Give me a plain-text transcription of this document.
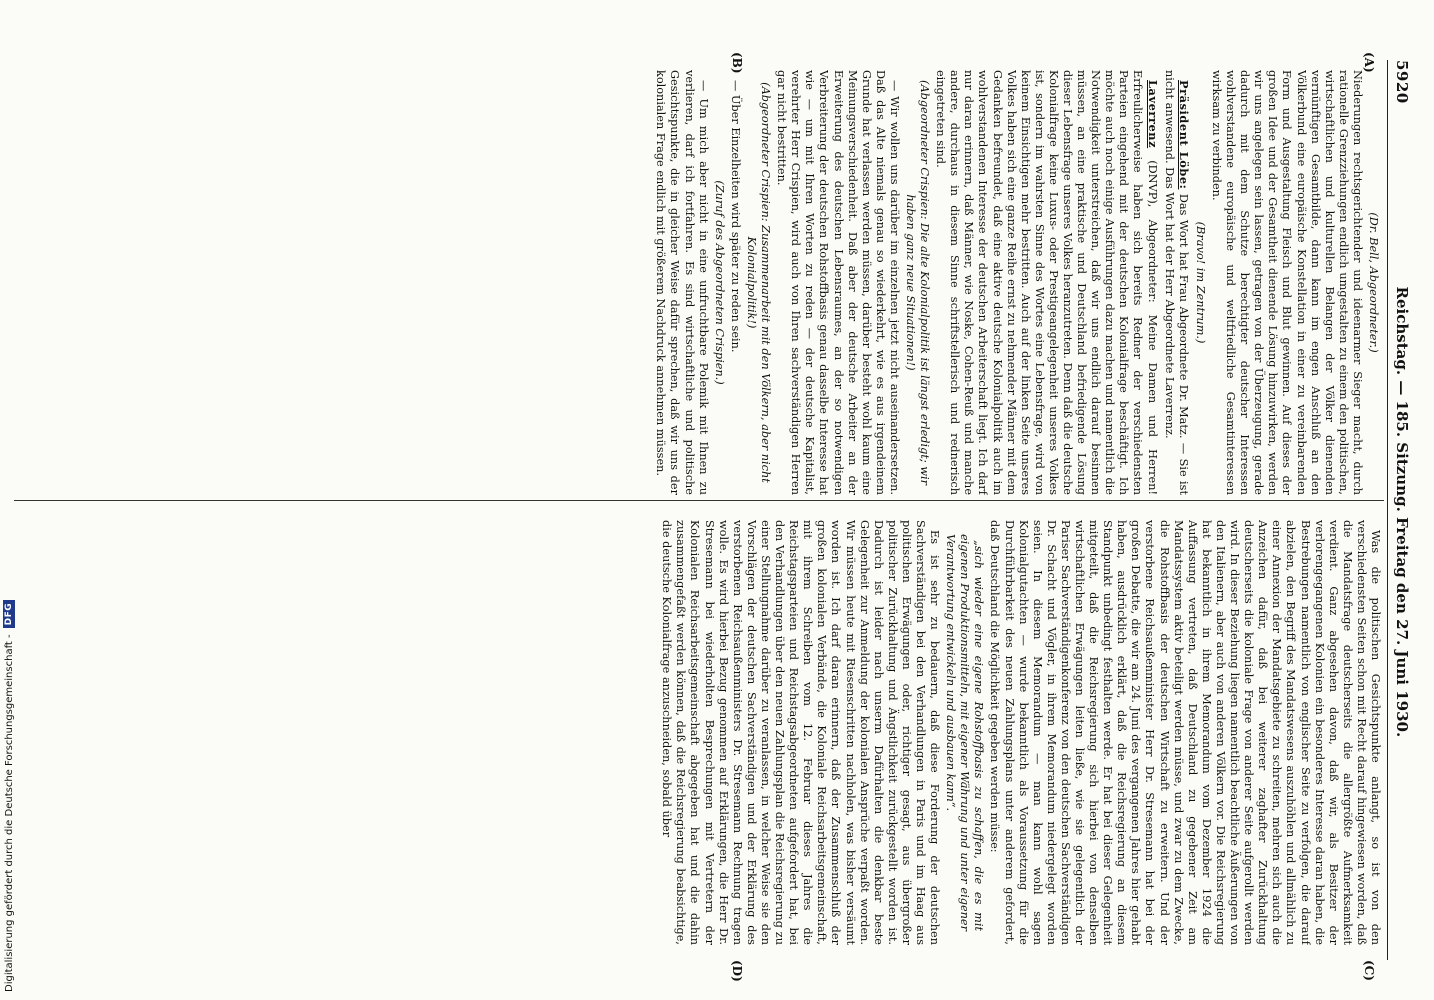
5920
Reichstag. — 185. Sitzung. Freitag den 27. Juni 1930.
(A)
(B)
(C)
(D)

(Dr. Bell, Abgeordneter.)

Niederungen rechtsgerichtender und ideenarmer Sieger macht, durch rationelle Grenzziehungen endlich umgestalten zu einem den politischen, wirtschaftlichen und kulturellen Belangen der Völker dienenden vernünftigen Gesamtbilde, dann kann im engen Anschluß an den Völkerbund eine europäische Konstellation in einer zu vereinbarenden Form und Ausgestaltung Fleisch und Blut gewinnen. Auf dieses der großen Idee und der Gesamtheit dienende Lösung hinzuwirken, werden wir uns angelegen sein lassen, getragen von der Überzeugung, gerade dadurch mit dem Schutze berechtigter deutscher Interessen wohlverstandene europäische und weltfriedliche Gesamtinteressen wirksam zu verbinden.

(Bravo! im Zentrum.)

Präsident Löbe: Das Wort hat Frau Abgeordnete Dr. Matz. — Sie ist nicht anwesend. Das Wort hat der Herr Abgeordnete Laverrenz.

Laverrenz (DNVP), Abgeordneter: Meine Damen und Herren! Erfreulicherweise haben sich bereits Redner der verschiedensten Parteien eingehend mit der deutschen Kolonialfrage beschäftigt. Ich möchte auch noch einige Ausführungen dazu machen und namentlich die Notwendigkeit unterstreichen, daß wir uns endlich darauf besinnen müssen, an eine praktische und Deutschland befriedigende Lösung dieser Lebensfrage unseres Volkes heranzutreten. Denn daß die deutsche Kolonialfrage keine Luxus- oder Prestigeangelegenheit unseres Volkes ist, sondern im wahrsten Sinne des Wortes eine Lebensfrage, wird von keinem Einsichtigen mehr bestritten. Auch auf der linken Seite unseres Volkes haben sich eine ganze Reihe ernst zu nehmender Männer mit dem Gedanken befreundet, daß eine aktive deutsche Kolonialpolitik auch im wohlverstandenen Interesse der deutschen Arbeiterschaft liegt. Ich darf nur daran erinnern, daß Männer, wie Noske, Cohen-Reuß und manche andere, durchaus in diesem Sinne schriftstellerisch und rednerisch eingetreten sind.

(Abgeordneter Crispien: Die alte Kolonialpolitik ist längst erledigt; wir haben ganz neue Situationen!)

— Wir wollen uns darüber im einzelnen jetzt nicht auseinandersetzen. Daß das Alte niemals genau so wiederkehrt, wie es aus irgendeinem Grunde hat verlassen werden müssen, darüber besteht wohl kaum eine Meinungsverschiedenheit. Daß aber der deutsche Arbeiter an der Erweiterung des deutschen Lebensraumes, an der so notwendigen Verbreiterung der deutschen Rohstoffbasis genau dasselbe Interesse hat wie — um mit Ihren Worten zu reden — der deutsche Kapitalist, verehrter Herr Crispien, wird auch von Ihren sachverständigen Herren gar nicht bestritten.

(Abgeordneter Crispien: Zusammenarbeit mit den Völkern, aber nicht Kolonialpolitik!)

— Über Einzelheiten wird später zu reden sein.

(Zuruf des Abgeordneten Crispien.)

— Um mich aber nicht in eine unfruchtbare Polemik mit Ihnen zu verlieren, darf ich fortfahren. Es sind wirtschaftliche und politische Gesichtspunkte, die in gleicher Weise dafür sprechen, daß wir uns der kolonialen Frage endlich mit größerem Nachdruck annehmen müssen.

Was die politischen Gesichtspunkte anlangt, so ist von den verschiedensten Seiten schon mit Recht darauf hingewiesen worden, daß die Mandatsfrage deutscherseits die allergrößte Aufmerksamkeit verdient. Ganz abgesehen davon, daß wir, als Besitzer der verlorengegangenen Kolonien ein besonderes Interesse daran haben, die Bestrebungen namentlich von englischer Seite zu verfolgen, die darauf abzielen, den Begriff des Mandatswesens auszuhöhlen und allmählich zu einer Annexion der Mandatsgebiete zu schreiten, mehren sich auch die Anzeichen dafür, daß bei weiterer zaghafter Zurückhaltung deutscherseits die koloniale Frage von anderer Seite aufgerollt werden wird. In dieser Beziehung liegen namentlich beachtliche Äußerungen von den Italienern, aber auch von anderen Völkern vor. Die Reichsregierung hat bekanntlich in ihrem Memorandum vom Dezember 1924 die Auffassung vertreten, daß Deutschland zu gegebener Zeit am Mandatssystem aktiv beteiligt werden müsse, und zwar zu dem Zwecke, die Rohstoffbasis der deutschen Wirtschaft zu erweitern. Und der verstorbene Reichsaußenminister Herr Dr. Stresemann hat bei der großen Debatte, die wir am 24. Juni des vergangenen Jahres hier gehabt haben, ausdrücklich erklärt, daß die Reichsregierung an diesem Standpunkt unbedingt festhalten werde. Er hat bei dieser Gelegenheit mitgeteilt, daß die Reichsregierung sich hierbei von denselben wirtschaftlichen Erwägungen leiten ließe, wie sie gelegentlich der Pariser Sachverständigenkonferenz von den deutschen Sachverständigen Dr. Schacht und Vögler, in ihrem Memorandum niedergelegt worden seien. In diesem Memorandum — man kann wohl sagen Kolonialgutachten — wurde bekanntlich als Voraussetzung für die Durchführbarkeit des neuen Zahlungsplans unter anderem gefordert, daß Deutschland die Möglichkeit gegeben werden müsse:

„sich wieder eine eigene Rohstoffbasis zu schaffen, die es mit eigenen Produktionsmitteln, mit eigener Währung und unter eigener Verantwortung entwickeln und ausbauen kann“.

Es ist sehr zu bedauern, daß diese Forderung der deutschen Sachverständigen bei den Verhandlungen in Paris und im Haag aus politischen Erwägungen oder, richtiger gesagt, aus übergroßer politischer Zurückhaltung und Ängstlichkeit zurückgestellt worden ist. Dadurch ist leider nach unserm Dafürhalten die denkbar beste Gelegenheit zur Anmeldung der kolonialen Ansprüche verpaßt worden. Wir müssen heute mit Riesenschritten nachholen, was bisher versäumt worden ist. Ich darf daran erinnern, daß der Zusammenschluß der großen kolonialen Verbände, die Koloniale Reichsarbeitsgemeinschaft, mit ihrem Schreiben vom 12. Februar dieses Jahres die Reichstagsparteien und Reichstagsabgeordneten aufgefordert hat, bei den Verhandlungen über den neuen Zahlungsplan die Reichsregierung zu einer Stellungnahme darüber zu veranlassen, in welcher Weise sie den Vorschlägen der deutschen Sachverständigen und der Erklärung des verstorbenen Reichsaußenministers Dr. Stresemann Rechnung tragen wolle. Es wird hierbei Bezug genommen auf Erklärungen, die Herr Dr. Stresemann bei wiederholten Besprechungen mit Vertretern der Kolonialen Reichsarbeitsgemeinschaft abgegeben hat und die dahin zusammengefaßt werden können, daß die Reichsregierung beabsichtige, die deutsche Kolonialfrage anzuschneiden, sobald über

Digitalisierung gefördert durch die Deutsche Forschungsgemeinschaft -
DFG
